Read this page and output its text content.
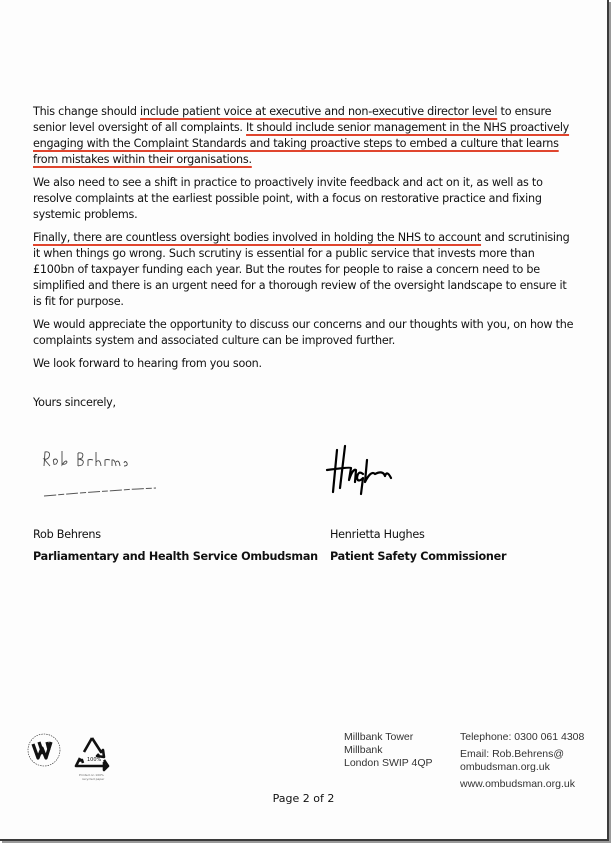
This change should include patient voice at executive and non-executive director level to ensure senior level oversight of all complaints. It should include senior management in the NHS proactively engaging with the Complaint Standards and taking proactive steps to embed a culture that learns from mistakes within their organisations.

We also need to see a shift in practice to proactively invite feedback and act on it, as well as to resolve complaints at the earliest possible point, with a focus on restorative practice and fixing systemic problems.

Finally, there are countless oversight bodies involved in holding the NHS to account and scrutinising it when things go wrong. Such scrutiny is essential for a public service that invests more than £100bn of taxpayer funding each year. But the routes for people to raise a concern need to be simplified and there is an urgent need for a thorough review of the oversight landscape to ensure it is fit for purpose.

We would appreciate the opportunity to discuss our concerns and our thoughts with you, on how the complaints system and associated culture can be improved further.

We look forward to hearing from you soon.

Yours sincerely,
Rob Behrens
Parliamentary and Health Service Ombudsman
Henrietta Hughes
Patient Safety Commissioner
100%
Printed on 100%
recycled paper
Millbank Tower
Millbank
London SWIP 4QP
Telephone: 0300 061 4308
Email: Rob.Behrens@
ombudsman.org.uk
www.ombudsman.org.uk
Page 2 of 2
